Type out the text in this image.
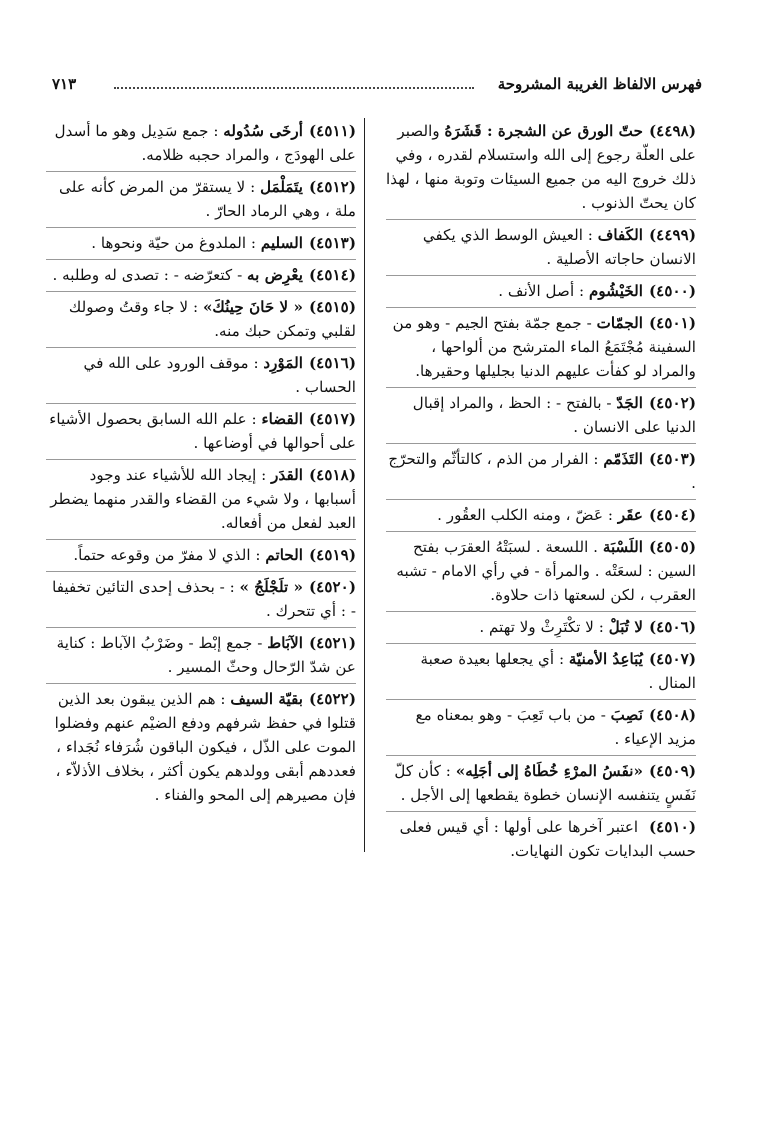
فهرس الالفاظ الغريبة المشروحة
٧١٣
(٤٤٩٨)حتّ الورق عن الشجرة : قَشَرَهُ والصبر على العلّة رجوع إلى الله واستسلام لقدره ، وفي ذلك خروج اليه من جميع السيئات وتوبة منها ، لهذا كان يحتّ الذنوب .
(٤٤٩٩)الكَفاف : العيش الوسط الذي يكفي الانسان حاجاته الأصلية .
(٤٥٠٠)الخَيْشُوم : أصل الأنف .
(٤٥٠١)الجمّات - جمع جمّة بفتح الجيم - وهو من السفينة مُجْتَمَعُ الماء المترشح من ألواحها ، والمراد لو كفأت عليهم الدنيا بجليلها وحقيرها.
(٤٥٠٢)الجَدّ - بالفتح - : الحظ ، والمراد إقبال الدنيا على الانسان .
(٤٥٠٣)التَذَمّم : الفرار من الذم ، كالتأثّم والتحرّج .
(٤٥٠٤)عقَر : عَضّ ، ومنه الكلب العقُور .
(٤٥٠٥)اللَسْبَة . اللسعة . لسبَتْهُ العقرَب بفتح السين : لسعَتْه . والمرأة - في رأي الامام - تشبه العقرب ، لكن لسعتها ذات حلاوة.
(٤٥٠٦)لا تُبَلْ : لا تكْتَرِثْ ولا تهتم .
(٤٥٠٧)يُبَاعِدُ الأمنيّة : أي يجعلها بعيدة صعبة المنال .
(٤٥٠٨)نَصِبَ - من باب تَعِبَ - وهو بمعناه مع مزيد الإعياء .
(٤٥٠٩)«نفَسُ المرْءِ خُطَاهُ إلى أجَلِه» : كأن كلّ نَفَسٍ يتنفسه الإنسان خطوة يقطعها إلى الأجل .
(٤٥١٠) اعتبر آخرها على أولها : أي قيس فعلى حسب البدايات تكون النهايات.
(٤٥١١)أرخَى سُدُوله : جمع سَدِيل وهو ما أسدل على الهودَج ، والمراد حجبه ظلامه.
(٤٥١٢)يتَمَلْمَل : لا يستقرّ من المرض كأنه على ملة ، وهي الرماد الحارّ .
(٤٥١٣)السليم : الملدوغ من حيّة ونحوها .
(٤٥١٤)يعْرِض به - كتعرّضه - : تصدى له وطلبه .
(٤٥١٥)« لا حَانَ حِينُكَ» : لا جاء وقتُ وصولك لقلبي وتمكن حبك منه.
(٤٥١٦)المَوْرِد : موقف الورود على الله في الحساب .
(٤٥١٧)القضاء : علم الله السابق بحصول الأشياء على أحوالها في أوضاعها .
(٤٥١٨)القدَر : إيجاد الله للأشياء عند وجود أسبابها ، ولا شيء من القضاء والقدر منهما يضطر العبد لفعل من أفعاله.
(٤٥١٩)الحاتم : الذي لا مفرّ من وقوعه حتماً.
(٤٥٢٠)« تلَجْلَجُ » : - بحذف إحدى التائين تخفيفا - : أي تتحرك .
(٤٥٢١)الآبَاط - جمع إبْط - وضَرْبُ الآباط : كناية عن شدّ الرّحال وحثّ المسير .
(٤٥٢٢)بقيّة السيف : هم الذين يبقون بعد الذين قتلوا في حفظ شرفهم ودفع الضيْم عنهم وفضلوا الموت على الذّل ، فيكون الباقون شُرَفاء نُجَداء ، فعددهم أبقى وولدهم يكون أكثر ، بخلاف الأذلاّء ، فإن مصيرهم إلى المحو والفناء .
